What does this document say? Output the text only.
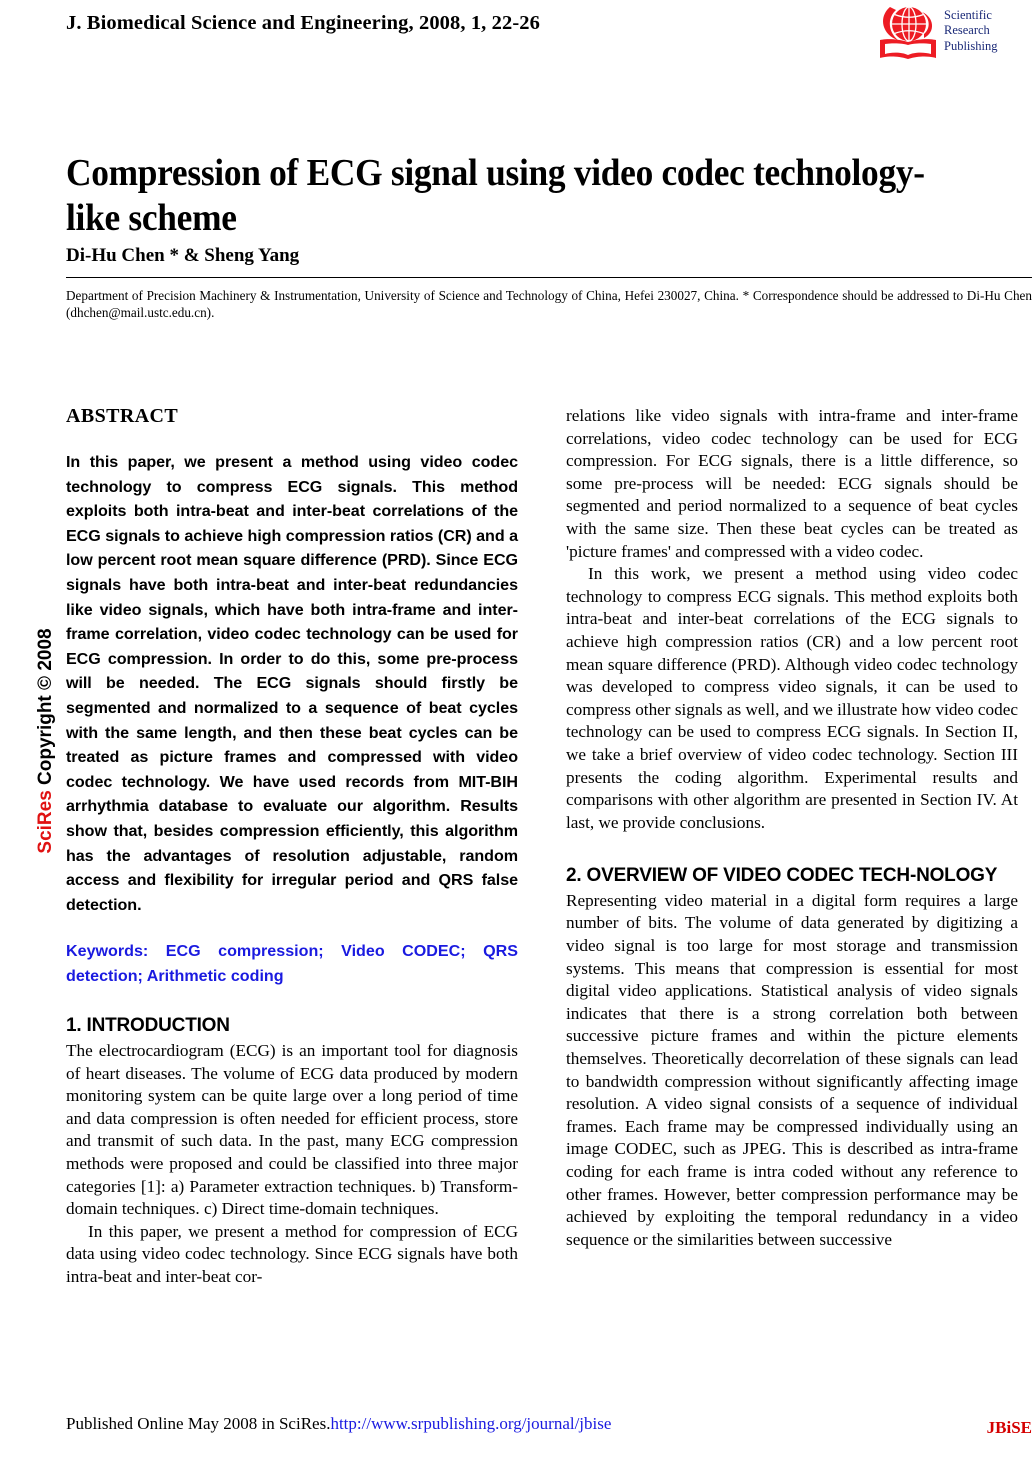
J. Biomedical Science and Engineering, 2008, 1, 22-26	Scientific
Research
Publishing
Compression of ECG signal using video codec technology-like scheme
Di-Hu Chen * & Sheng Yang
Department of Precision Machinery & Instrumentation, University of Science and Technology of China, Hefei 230027, China. * Correspondence should be addressed to Di-Hu Chen (dhchen@mail.ustc.edu.cn).
SciRes Copyright © 2008
ABSTRACT

In this paper, we present a method using video codec technology to compress ECG signals. This method exploits both intra-beat and inter-beat correlations of the ECG signals to achieve high compression ratios (CR) and a low percent root mean square difference (PRD). Since ECG signals have both intra-beat and inter-beat redundancies like video signals, which have both intra-frame and inter-frame correlation, video codec technology can be used for ECG compression. In order to do this, some pre-process will be needed. The ECG signals should firstly be segmented and normalized to a sequence of beat cycles with the same length, and then these beat cycles can be treated as picture frames and compressed with video codec technology. We have used records from MIT-BIH arrhythmia database to evaluate our algorithm. Results show that, besides compression efficiently, this algorithm has the advantages of resolution adjustable, random access and flexibility for irregular period and QRS false detection.

Keywords: ECG compression; Video CODEC; QRS detection; Arithmetic coding

1. INTRODUCTION

The electrocardiogram (ECG) is an important tool for diagnosis of heart diseases. The volume of ECG data produced by modern monitoring system can be quite large over a long period of time and data compression is often needed for efficient process, store and transmit of such data. In the past, many ECG compression methods were proposed and could be classified into three major categories [1]: a) Parameter extraction techniques. b) Transform-domain techniques. c) Direct time-domain techniques.

In this paper, we present a method for compression of ECG data using video codec technology. Since ECG signals have both intra-beat and inter-beat cor-

relations like video signals with intra-frame and inter-frame correlations, video codec technology can be used for ECG compression. For ECG signals, there is a little difference, so some pre-process will be needed: ECG signals should be segmented and period normalized to a sequence of beat cycles with the same size. Then these beat cycles can be treated as 'picture frames' and compressed with a video codec.

In this work, we present a method using video codec technology to compress ECG signals. This method exploits both intra-beat and inter-beat correlations of the ECG signals to achieve high compression ratios (CR) and a low percent root mean square difference (PRD). Although video codec technology was developed to compress video signals, it can be used to compress other signals as well, and we illustrate how video codec technology can be used to compress ECG signals. In Section II, we take a brief overview of video codec technology. Section III presents the coding algorithm. Experimental results and comparisons with other algorithm are presented in Section IV. At last, we provide conclusions.

2. OVERVIEW OF VIDEO CODEC TECH-NOLOGY

Representing video material in a digital form requires a large number of bits. The volume of data generated by digitizing a video signal is too large for most storage and transmission systems. This means that compression is essential for most digital video applications. Statistical analysis of video signals indicates that there is a strong correlation both between successive picture frames and within the picture elements themselves. Theoretically decorrelation of these signals can lead to bandwidth compression without significantly affecting image resolution. A video signal consists of a sequence of individual frames. Each frame may be compressed individually using an image CODEC, such as JPEG. This is described as intra-frame coding for each frame is intra coded without any reference to other frames. However, better compression performance may be achieved by exploiting the temporal redundancy in a video sequence or the similarities between successive

Published Online May 2008 in SciRes.http://www.srpublishing.org/journal/jbise	JBiSE
